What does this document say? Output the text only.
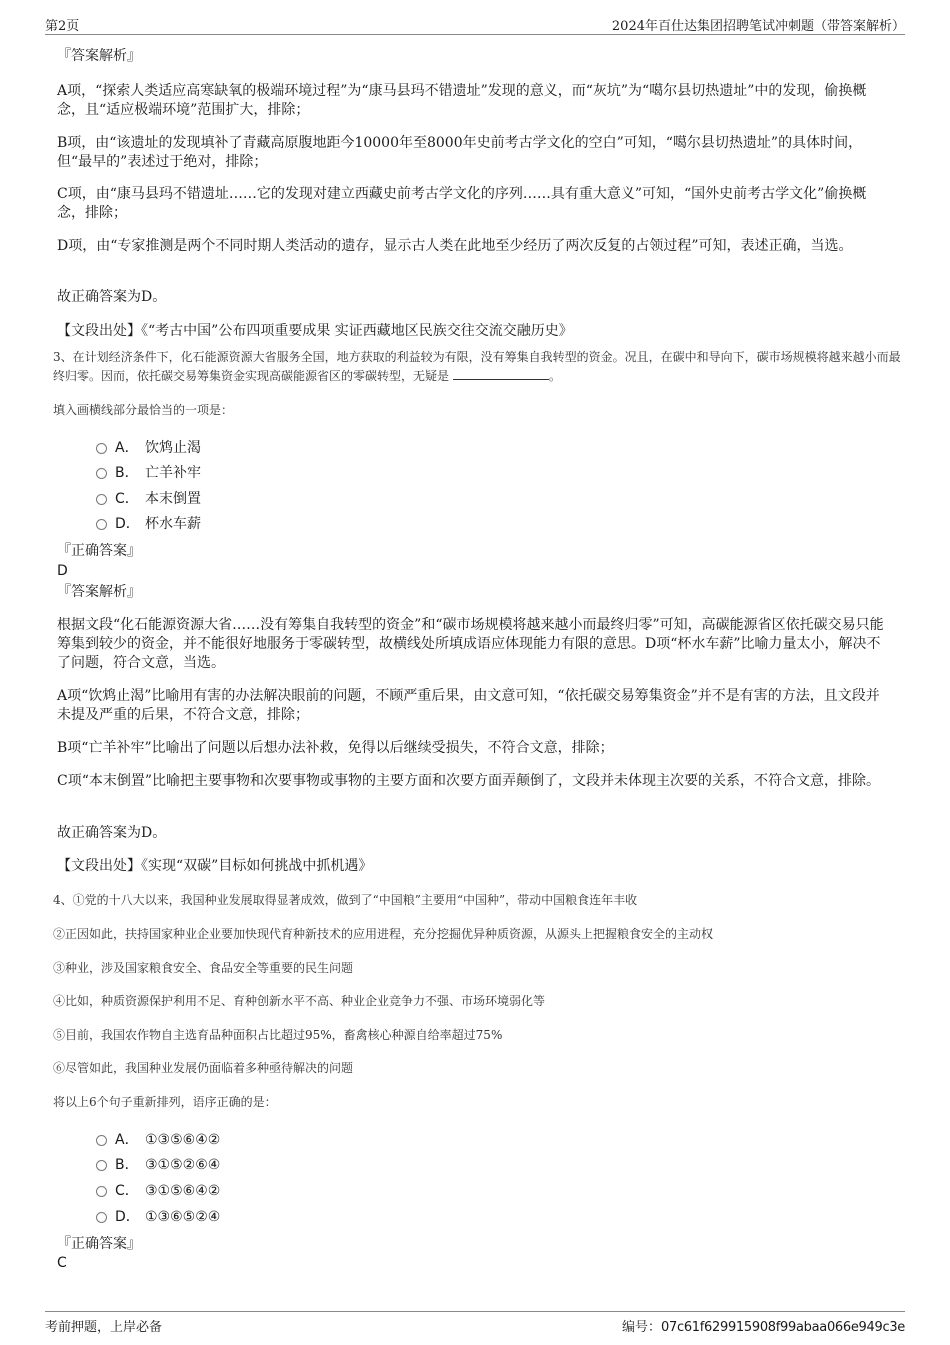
第2页	2024年百仕达集团招聘笔试冲刺题（带答案解析）
『答案解析』
A项，“探索人类适应高寒缺氧的极端环境过程”为“康马县玛不错遗址”发现的意义，而“灰坑”为“噶尔县切热遗址”中的发现，偷换概念，且“适应极端环境”范围扩大，排除；
B项，由“该遗址的发现填补了青藏高原腹地距今10000年至8000年史前考古学文化的空白”可知，“噶尔县切热遗址”的具体时间，但“最早的”表述过于绝对，排除；
C项，由“康马县玛不错遗址……它的发现对建立西藏史前考古学文化的序列……具有重大意义”可知，“国外史前考古学文化”偷换概念，排除；
D项，由“专家推测是两个不同时期人类活动的遗存，显示古人类在此地至少经历了两次反复的占领过程”可知，表述正确，当选。
故正确答案为D。
【文段出处】《“考古中国”公布四项重要成果 实证西藏地区民族交往交流交融历史》
3、在计划经济条件下，化石能源资源大省服务全国，地方获取的利益较为有限，没有筹集自我转型的资金。况且，在碳中和导向下，碳市场规模将越来越小而最终归零。因而，依托碳交易筹集资金实现高碳能源省区的零碳转型，无疑是	。
填入画横线部分最恰当的一项是：
A． 饮鸩止渴
B． 亡羊补牢
C． 本末倒置
D． 杯水车薪
『正确答案』
D
『答案解析』
根据文段“化石能源资源大省……没有筹集自我转型的资金”和“碳市场规模将越来越小而最终归零”可知，高碳能源省区依托碳交易只能筹集到较少的资金，并不能很好地服务于零碳转型，故横线处所填成语应体现能力有限的意思。D项“杯水车薪”比喻力量太小，解决不了问题，符合文意，当选。
A项“饮鸩止渴”比喻用有害的办法解决眼前的问题，不顾严重后果，由文意可知，“依托碳交易筹集资金”并不是有害的方法，且文段并未提及严重的后果，不符合文意，排除；
B项“亡羊补牢”比喻出了问题以后想办法补救，免得以后继续受损失，不符合文意，排除；
C项“本末倒置”比喻把主要事物和次要事物或事物的主要方面和次要方面弄颠倒了，文段并未体现主次要的关系，不符合文意，排除。
故正确答案为D。
【文段出处】《实现“双碳”目标如何挑战中抓机遇》
4、①党的十八大以来，我国种业发展取得显著成效，做到了“中国粮”主要用“中国种”，带动中国粮食连年丰收
②正因如此，扶持国家种业企业要加快现代育种新技术的应用进程，充分挖掘优异种质资源，从源头上把握粮食安全的主动权
③种业，涉及国家粮食安全、食品安全等重要的民生问题
④比如，种质资源保护利用不足、育种创新水平不高、种业企业竞争力不强、市场环境弱化等
⑤目前，我国农作物自主选育品种面积占比超过95%，畜禽核心种源自给率超过75%
⑥尽管如此，我国种业发展仍面临着多种亟待解决的问题
将以上6个句子重新排列，语序正确的是：
A． ①③⑤⑥④②
B． ③①⑤②⑥④
C． ③①⑤⑥④②
D． ①③⑥⑤②④
『正确答案』
C
考前押题，上岸必备	编号：07c61f629915908f99abaa066e949c3e
